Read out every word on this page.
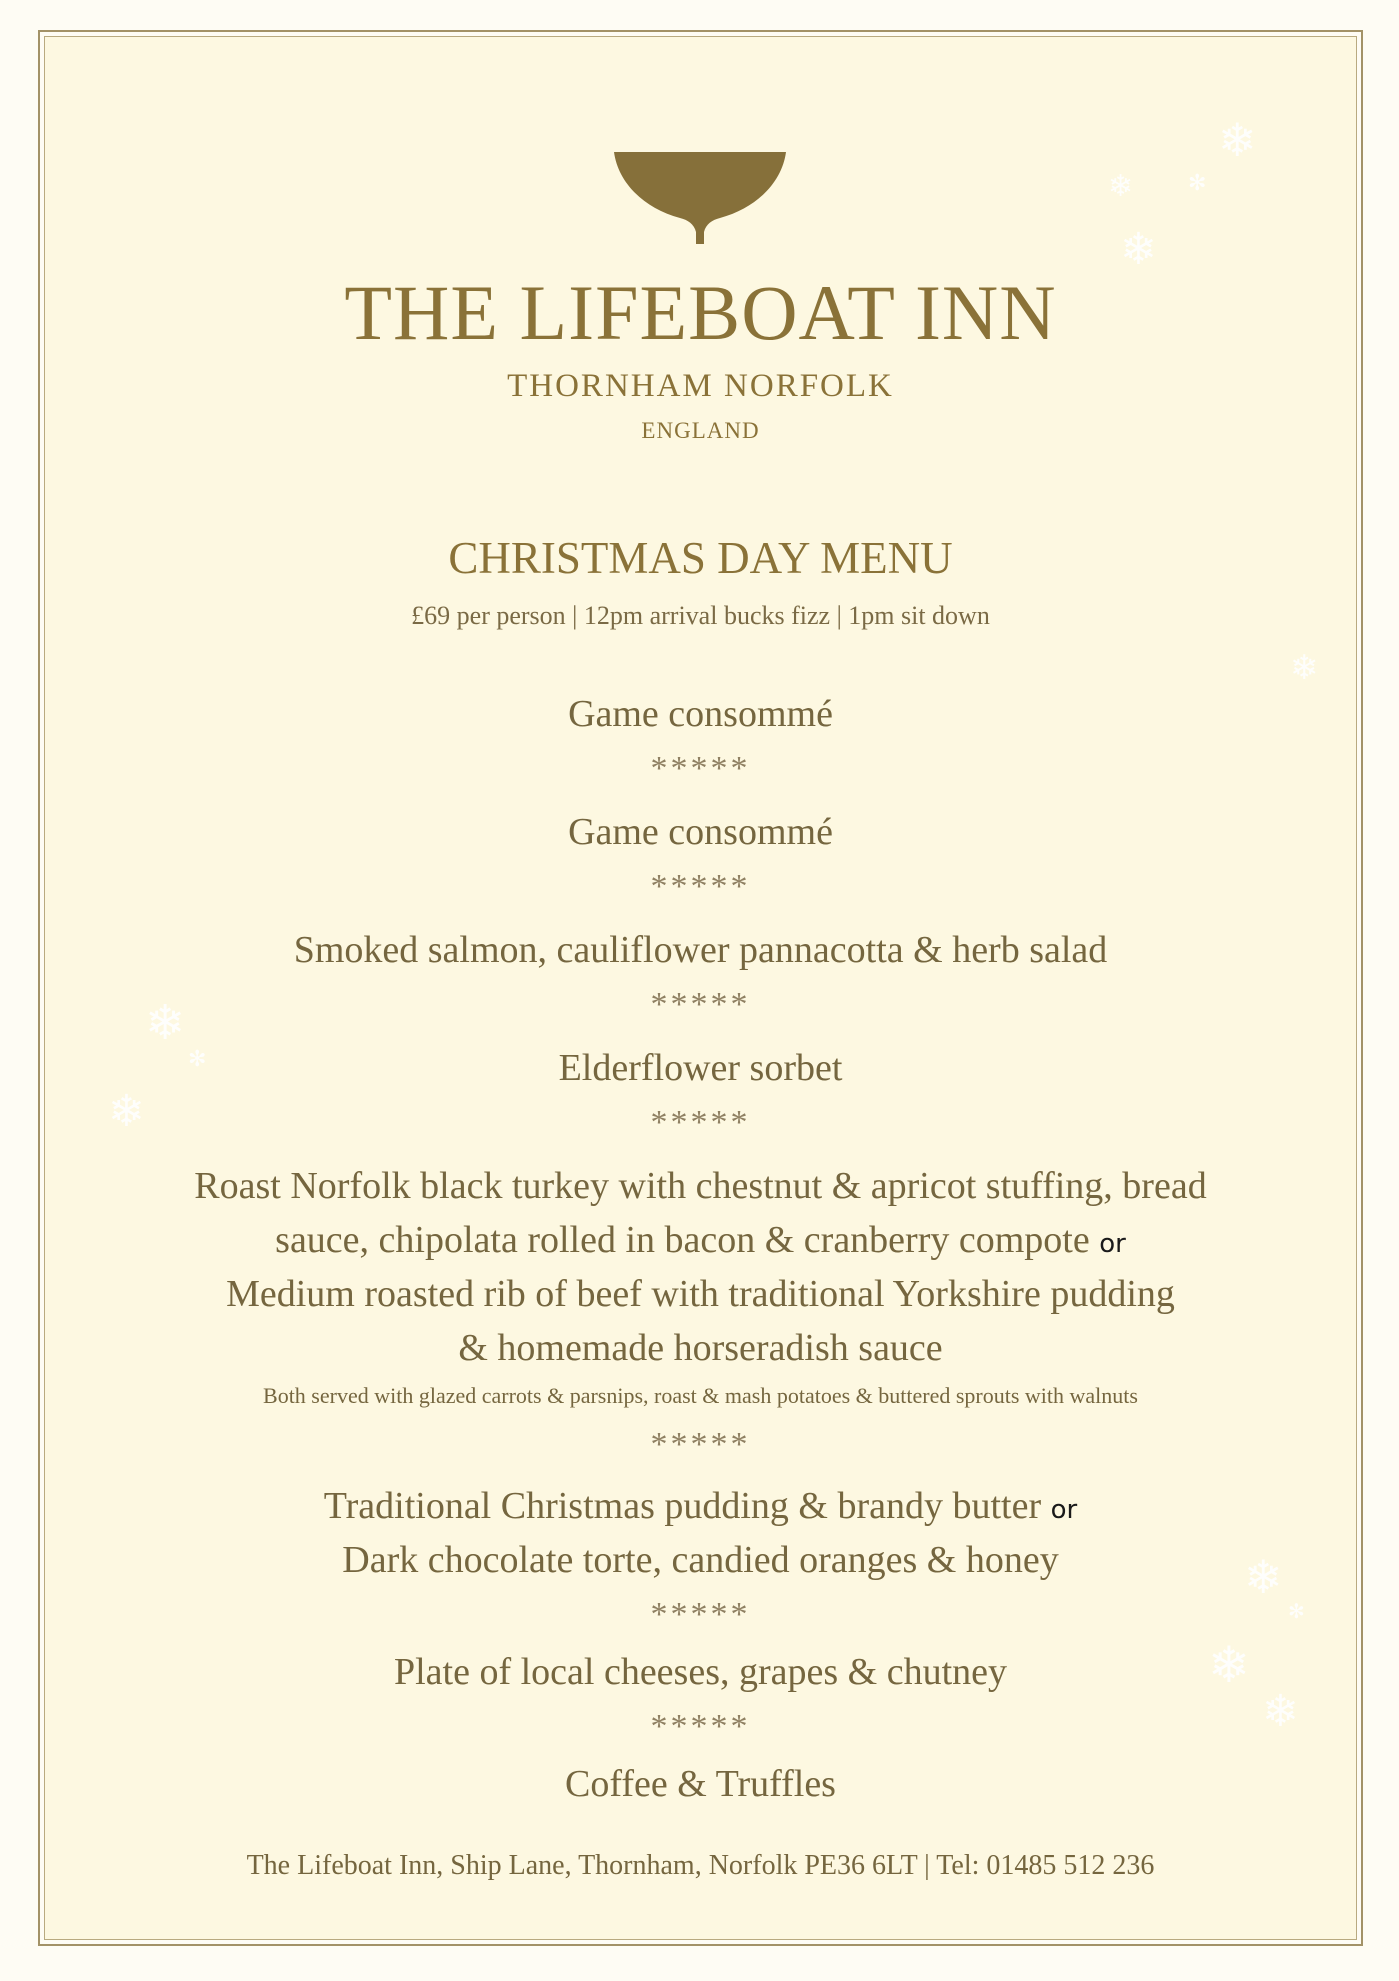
❄
❄ ✻
❄
❄
❄
✻
❄
❄
✻
❄
❄
THE LIFEBOAT INN
THORNHAM NORFOLK
ENGLAND
CHRISTMAS DAY MENU
£69 per person | 12pm arrival bucks fizz | 1pm sit down
Game consommé
*****
Game consommé
*****
Smoked salmon, cauliflower pannacotta & herb salad
*****
Elderflower sorbet
*****
Roast Norfolk black turkey with chestnut & apricot stuffing, bread
sauce, chipolata rolled in bacon & cranberry compote or
Medium roasted rib of beef with traditional Yorkshire pudding
& homemade horseradish sauce
Both served with glazed carrots & parsnips, roast & mash potatoes & buttered sprouts with walnuts
*****
Traditional Christmas pudding & brandy butter or
Dark chocolate torte, candied oranges & honey
*****
Plate of local cheeses, grapes & chutney
*****
Coffee & Truffles
The Lifeboat Inn, Ship Lane, Thornham, Norfolk PE36 6LT | Tel: 01485 512 236
